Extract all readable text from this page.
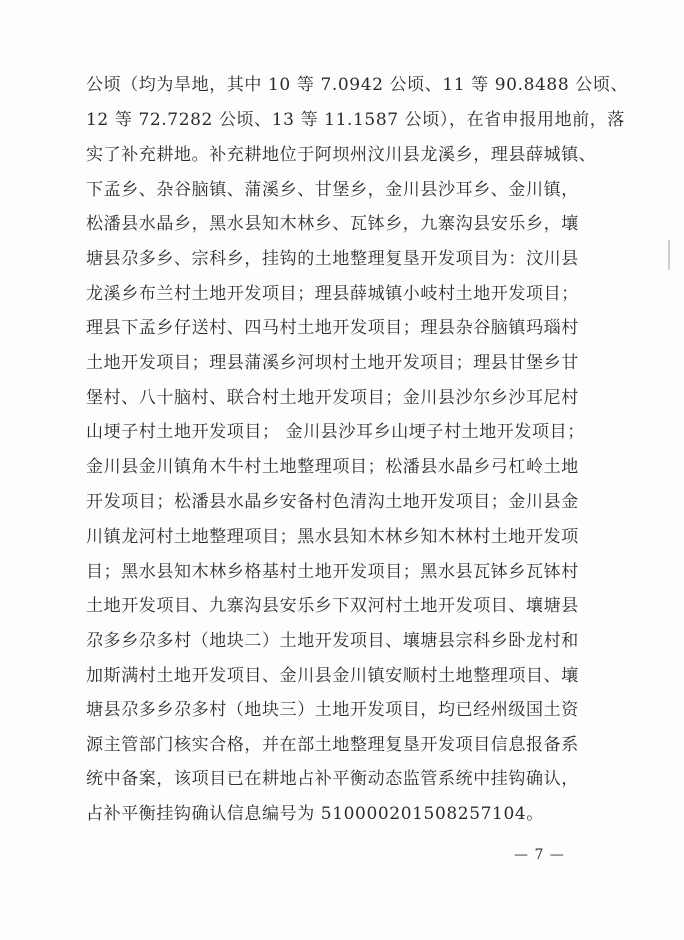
公顷（均为旱地，其中 10 等 7.0942 公顷、11 等 90.8488 公顷、
12 等 72.7282 公顷、13 等 11.1587 公顷），在省申报用地前，落
实了补充耕地。补充耕地位于阿坝州汶川县龙溪乡，理县薛城镇、
下孟乡、杂谷脑镇、蒲溪乡、甘堡乡，金川县沙耳乡、金川镇，
松潘县水晶乡，黑水县知木林乡、瓦钵乡，九寨沟县安乐乡，壤
塘县尕多乡、宗科乡，挂钩的土地整理复垦开发项目为：汶川县
龙溪乡布兰村土地开发项目；理县薛城镇小岐村土地开发项目；
理县下孟乡仔送村、四马村土地开发项目；理县杂谷脑镇玛瑙村
土地开发项目；理县蒲溪乡河坝村土地开发项目；理县甘堡乡甘
堡村、八十脑村、联合村土地开发项目；金川县沙尔乡沙耳尼村
山埂子村土地开发项目； 金川县沙耳乡山埂子村土地开发项目；
金川县金川镇角木牛村土地整理项目；松潘县水晶乡弓杠岭土地
开发项目；松潘县水晶乡安备村色清沟土地开发项目；金川县金
川镇龙河村土地整理项目；黑水县知木林乡知木林村土地开发项
目；黑水县知木林乡格基村土地开发项目；黑水县瓦钵乡瓦钵村
土地开发项目、九寨沟县安乐乡下双河村土地开发项目、壤塘县
尕多乡尕多村（地块二）土地开发项目、壤塘县宗科乡卧龙村和
加斯满村土地开发项目、金川县金川镇安顺村土地整理项目、壤
塘县尕多乡尕多村（地块三）土地开发项目，均已经州级国土资
源主管部门核实合格，并在部土地整理复垦开发项目信息报备系
统中备案，该项目已在耕地占补平衡动态监管系统中挂钩确认，
占补平衡挂钩确认信息编号为 510000201508257104。
— 7 —
